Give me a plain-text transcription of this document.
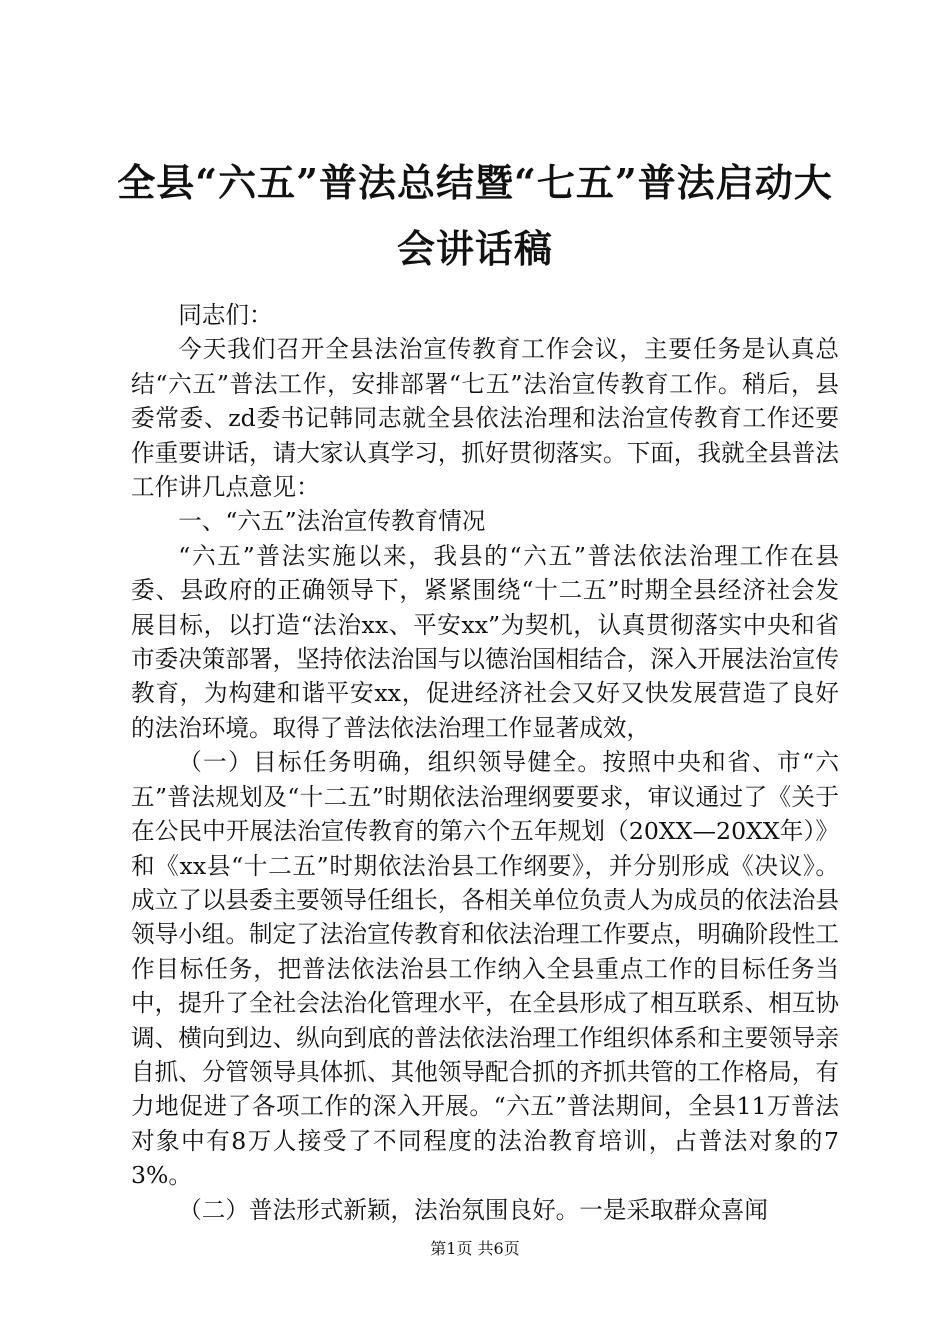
全县“六五”普法总结暨“七五”普法启动大会讲话稿

同志们：

今天我们召开全县法治宣传教育工作会议，主要任务是认真总结“六五”普法工作，安排部署“七五”法治宣传教育工作。稍后，县委常委、zd委书记韩同志就全县依法治理和法治宣传教育工作还要作重要讲话，请大家认真学习，抓好贯彻落实。下面，我就全县普法工作讲几点意见：

一、“六五”法治宣传教育情况

“六五”普法实施以来，我县的“六五”普法依法治理工作在县委、县政府的正确领导下，紧紧围绕“十二五”时期全县经济社会发展目标，以打造“法治xx、平安xx”为契机，认真贯彻落实中央和省市委决策部署，坚持依法治国与以德治国相结合，深入开展法治宣传教育，为构建和谐平安xx，促进经济社会又好又快发展营造了良好的法治环境。取得了普法依法治理工作显著成效，

（一）目标任务明确，组织领导健全。按照中央和省、市“六五”普法规划及“十二五”时期依法治理纲要要求，审议通过了《关于在公民中开展法治宣传教育的第六个五年规划（20XX—20XX年）》和《xx县“十二五”时期依法治县工作纲要》，并分别形成《决议》。成立了以县委主要领导任组长，各相关单位负责人为成员的依法治县领导小组。制定了法治宣传教育和依法治理工作要点，明确阶段性工作目标任务，把普法依法治县工作纳入全县重点工作的目标任务当中，提升了全社会法治化管理水平，在全县形成了相互联系、相互协调、横向到边、纵向到底的普法依法治理工作组织体系和主要领导亲自抓、分管领导具体抓、其他领导配合抓的齐抓共管的工作格局，有力地促进了各项工作的深入开展。“六五”普法期间，全县11万普法对象中有8万人接受了不同程度的法治教育培训，占普法对象的73%。

（二）普法形式新颖，法治氛围良好。一是采取群众喜闻

第1页 共6页
